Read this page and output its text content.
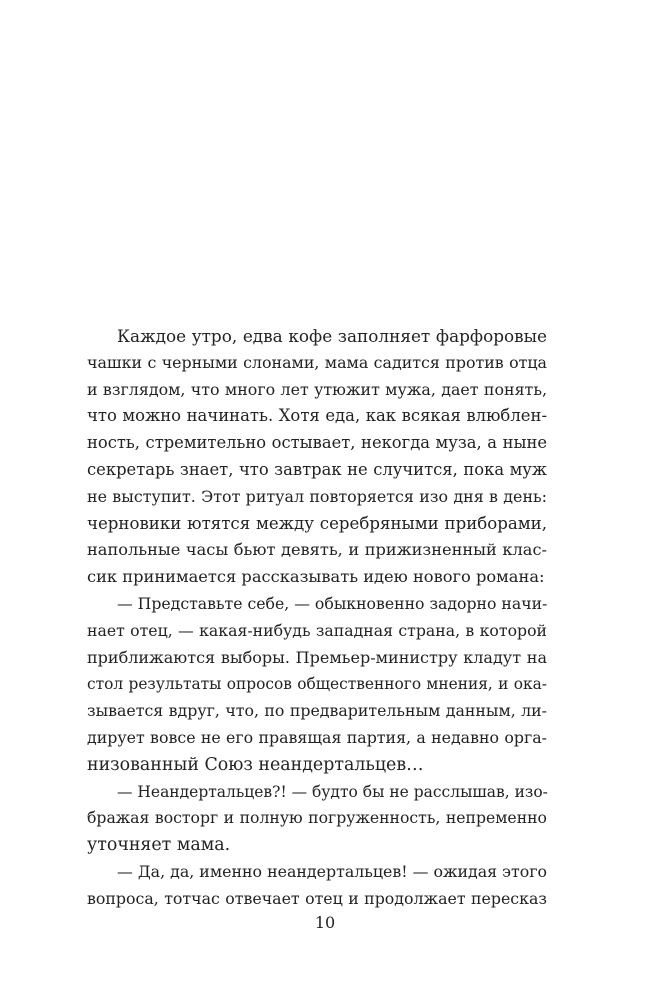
Каждое утро, едва кофе заполняет фарфоровые
чашки с черными слонами, мама садится против отца
и взглядом, что много лет утюжит мужа, дает понять,
что можно начинать. Хотя еда, как всякая влюблен-
ность, стремительно остывает, некогда муза, а ныне
секретарь знает, что завтрак не случится, пока муж
не выступит. Этот ритуал повторяется изо дня в день:
черновики ютятся между серебряными приборами,
напольные часы бьют девять, и прижизненный клас-
сик принимается рассказывать идею нового романа:
— Представьте себе, — обыкновенно задорно начи-
нает отец, — какая-нибудь западная страна, в которой
приближаются выборы. Премьер-министру кладут на
стол результаты опросов общественного мнения, и ока-
зывается вдруг, что, по предварительным данным, ли-
дирует вовсе не его правящая партия, а недавно орга-
низованный Союз неандертальцев…
— Неандертальцев?! — будто бы не расслышав, изо-
бражая восторг и полную погруженность, непременно
уточняет мама.
— Да, да, именно неандертальцев! — ожидая этого
вопроса, тотчас отвечает отец и продолжает пересказ
10
